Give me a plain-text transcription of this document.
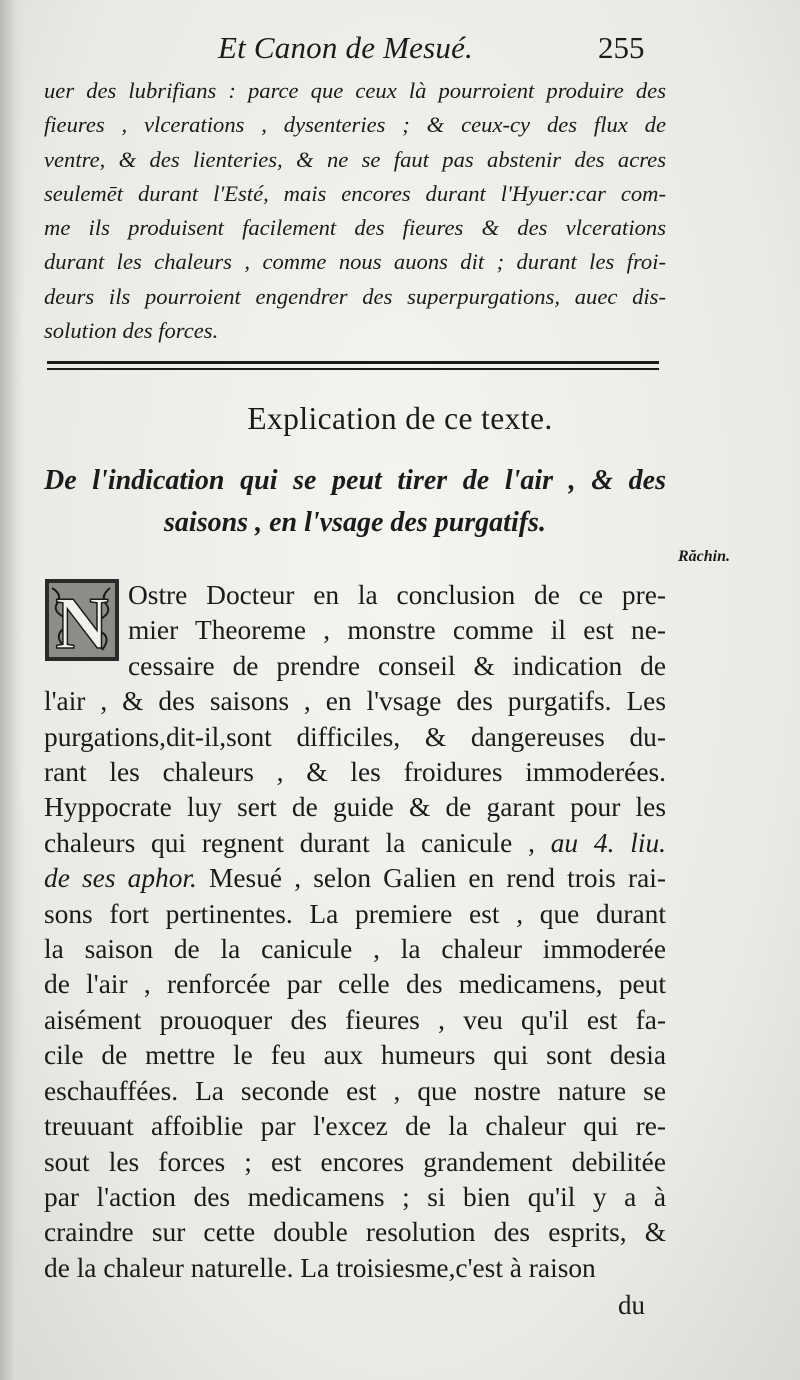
Et Canon de Mesué.	255
uer des lubrifians : parce que ceux là pourroient produire des
fieures , vlcerations , dysenteries ; & ceux-cy des flux de
ventre, & des lienteries, & ne se faut pas abstenir des acres
seulemēt durant l'Esté, mais encores durant l'Hyuer:car com-
me ils produisent facilement des fieures & des vlcerations
durant les chaleurs , comme nous auons dit ; durant les froi-
deurs ils pourroient engendrer des superpurgations, auec dis-
solution des forces.
Explication de ce texte.
De l'indication qui se peut tirer de l'air , & des
saisons , en l'vsage des purgatifs.
Răchin.
N Ostre Docteur en la conclusion de ce pre-
mier Theoreme , monstre comme il est ne-
cessaire de prendre conseil & indication de
l'air , & des saisons , en l'vsage des purgatifs. Les
purgations,dit-il,sont difficiles, & dangereuses du-
rant les chaleurs , & les froidures immoderées.
Hyppocrate luy sert de guide & de garant pour les
chaleurs qui regnent durant la canicule , au 4. liu.
de ses aphor. Mesué , selon Galien en rend trois rai-
sons fort pertinentes. La premiere est , que durant
la saison de la canicule , la chaleur immoderée
de l'air , renforcée par celle des medicamens, peut
aisément prouoquer des fieures , veu qu'il est fa-
cile de mettre le feu aux humeurs qui sont desia
eschauffées. La seconde est , que nostre nature se
treuuant affoiblie par l'excez de la chaleur qui re-
sout les forces ; est encores grandement debilitée
par l'action des medicamens ; si bien qu'il y a à
craindre sur cette double resolution des esprits, &
de la chaleur naturelle. La troisiesme,c'est à raison
du
